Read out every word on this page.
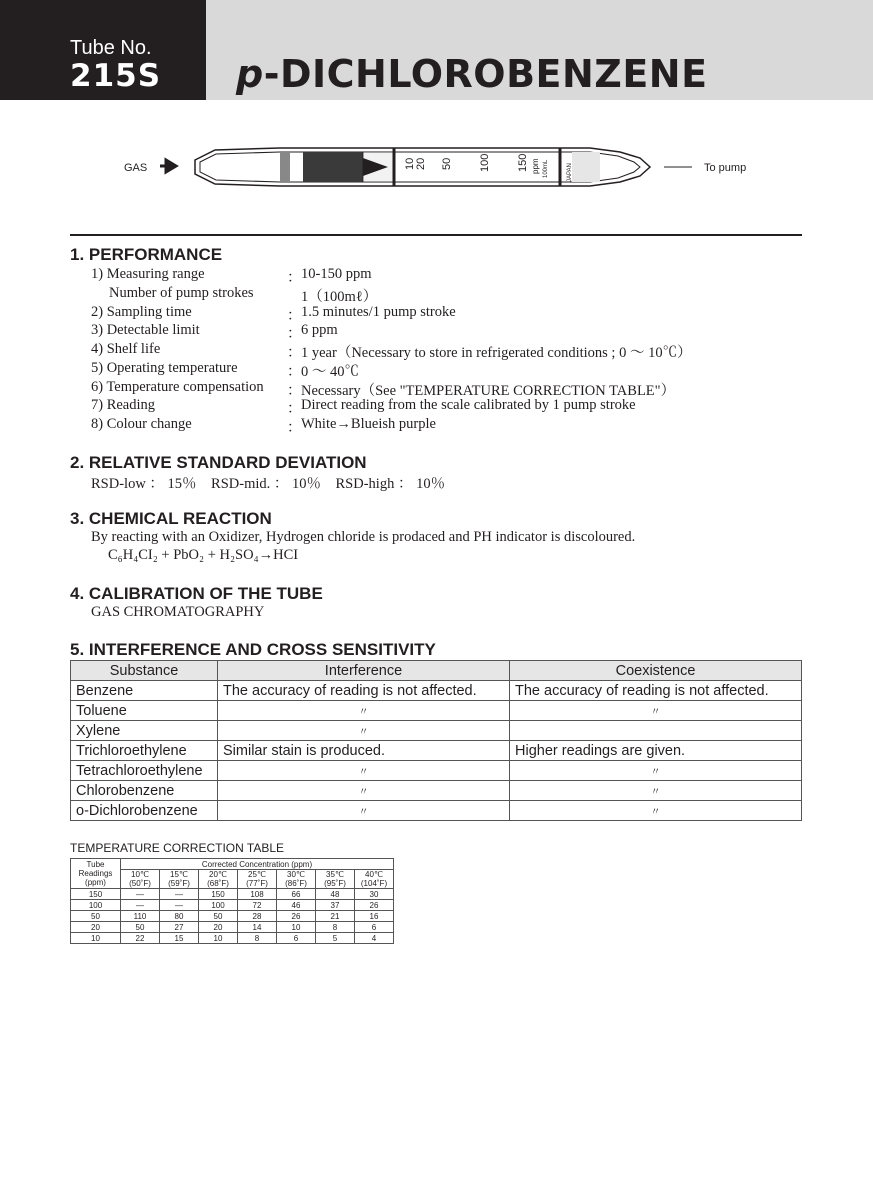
Tube No.
215S p-DICHLOROBENZENE
GAS	10 20 50 100 150 ppm 100mL	JAPAN	To pump
1. PERFORMANCE
1) Measuring range	： 10-150 ppm
Number of pump strokes	1（100mℓ）
2) Sampling time	： 1.5 minutes/1 pump stroke
3) Detectable limit	： 6 ppm
4) Shelf life	： 1 year（Necessary to store in refrigerated conditions ; 0 ～ 10℃）
5) Operating temperature	： 0 ～ 40℃
6) Temperature compensation ： Necessary（See "TEMPERATURE CORRECTION TABLE"）
7) Reading	： Direct reading from the scale calibrated by 1 pump stroke
8) Colour change	： White→Blueish purple
2. RELATIVE STANDARD DEVIATION
RSD-low ： 15％　RSD-mid. ： 10％　RSD-high ： 10％
3. CHEMICAL REACTION
By reacting with an Oxidizer, Hydrogen chloride is prodaced and PH indicator is discoloured.
C₆H₄CI₂ + PbO₂ + H₂SO₄→HCI
4. CALIBRATION OF THE TUBE
GAS CHROMATOGRAPHY
5. INTERFERENCE AND CROSS SENSITIVITY
Substance	Interference	Coexistence
Benzene	The accuracy of reading is not affected.	The accuracy of reading is not affected.
Toluene	〃	〃
Xylene	〃	
Trichloroethylene	Similar stain is produced.	Higher readings are given.
Tetrachloroethylene	〃	〃
Chlorobenzene	〃	〃
o-Dichlorobenzene	〃	〃
TEMPERATURE CORRECTION TABLE
Tube Readings (ppm)	Corrected Concentration (ppm)						
	10℃ (50˚F)	15℃ (59˚F)	20℃ (68˚F)	25℃ (77˚F)	30℃ (86˚F)	35℃ (95˚F)	40℃ (104˚F)
150	—	—	150	108	66	48	30
100	—	—	100	72	46	37	26
50	110	80	50	28	26	21	16
20	50	27	20	14	10	8	6
10	22	15	10	8	6	5	4
